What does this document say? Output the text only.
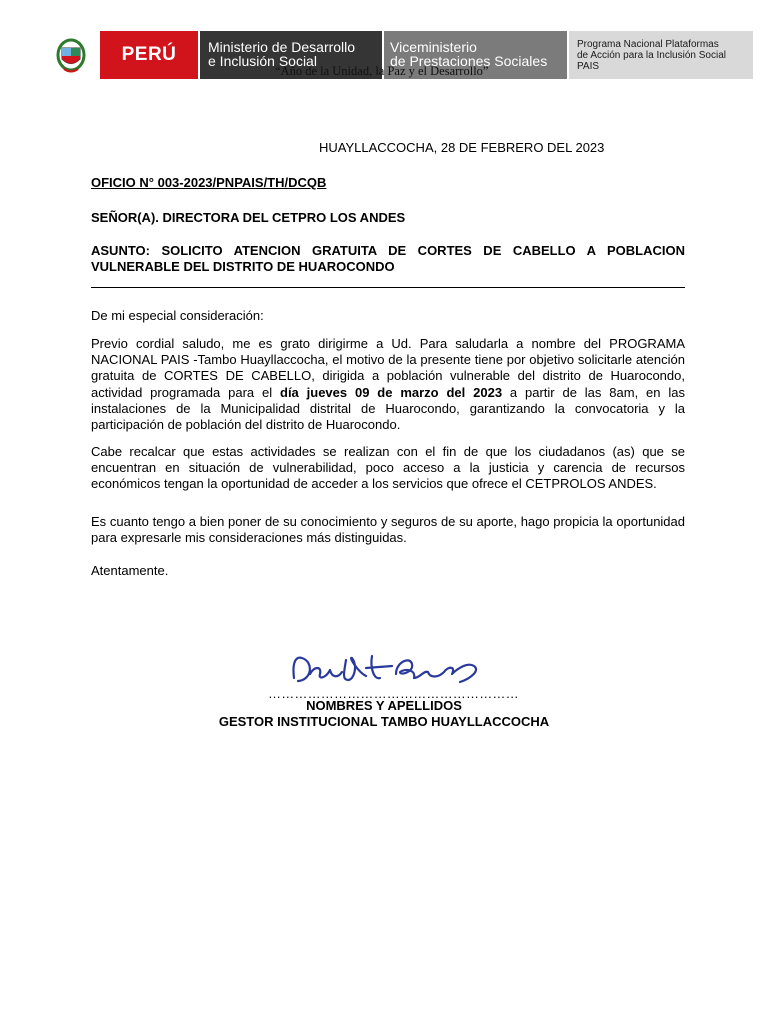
PERÚ	Ministerio de Desarrollo
e Inclusión Social
Viceministerio
de Prestaciones Sociales
Programa Nacional Plataformas
de Acción para la Inclusión Social
PAIS
“Año de la Unidad, la Paz y el Desarrollo”
HUAYLLACCOCHA, 28 DE FEBRERO DEL 2023
OFICIO N° 003-2023/PNPAIS/TH/DCQB
SEÑOR(A). DIRECTORA DEL CETPRO LOS ANDES
ASUNTO: SOLICITO ATENCION GRATUITA DE CORTES DE CABELLO A POBLACION
VULNERABLE DEL DISTRITO DE HUAROCONDO
De mi especial consideración:
Previo cordial saludo, me es grato dirigirme a Ud. Para saludarla a nombre del PROGRAMA NACIONAL PAIS -Tambo Huayllaccocha, el motivo de la presente tiene por objetivo solicitarle atención gratuita de CORTES DE CABELLO, dirigida a población vulnerable del distrito de Huarocondo, actividad programada para el día jueves 09 de marzo del 2023 a partir de las 8am, en las instalaciones de la Municipalidad distrital de Huarocondo, garantizando la convocatoria y la participación de población del distrito de Huarocondo.
Cabe recalcar que estas actividades se realizan con el fin de que los ciudadanos (as) que se encuentran en situación de vulnerabilidad, poco acceso a la justicia y carencia de recursos económicos tengan la oportunidad de acceder a los servicios que ofrece el CETPROLOS ANDES.
Es cuanto tengo a bien poner de su conocimiento y seguros de su aporte, hago propicia la oportunidad para expresarle mis consideraciones más distinguidas.
Atentamente.
…………………………………………………
NOMBRES Y APELLIDOS
GESTOR INSTITUCIONAL TAMBO HUAYLLACCOCHA
